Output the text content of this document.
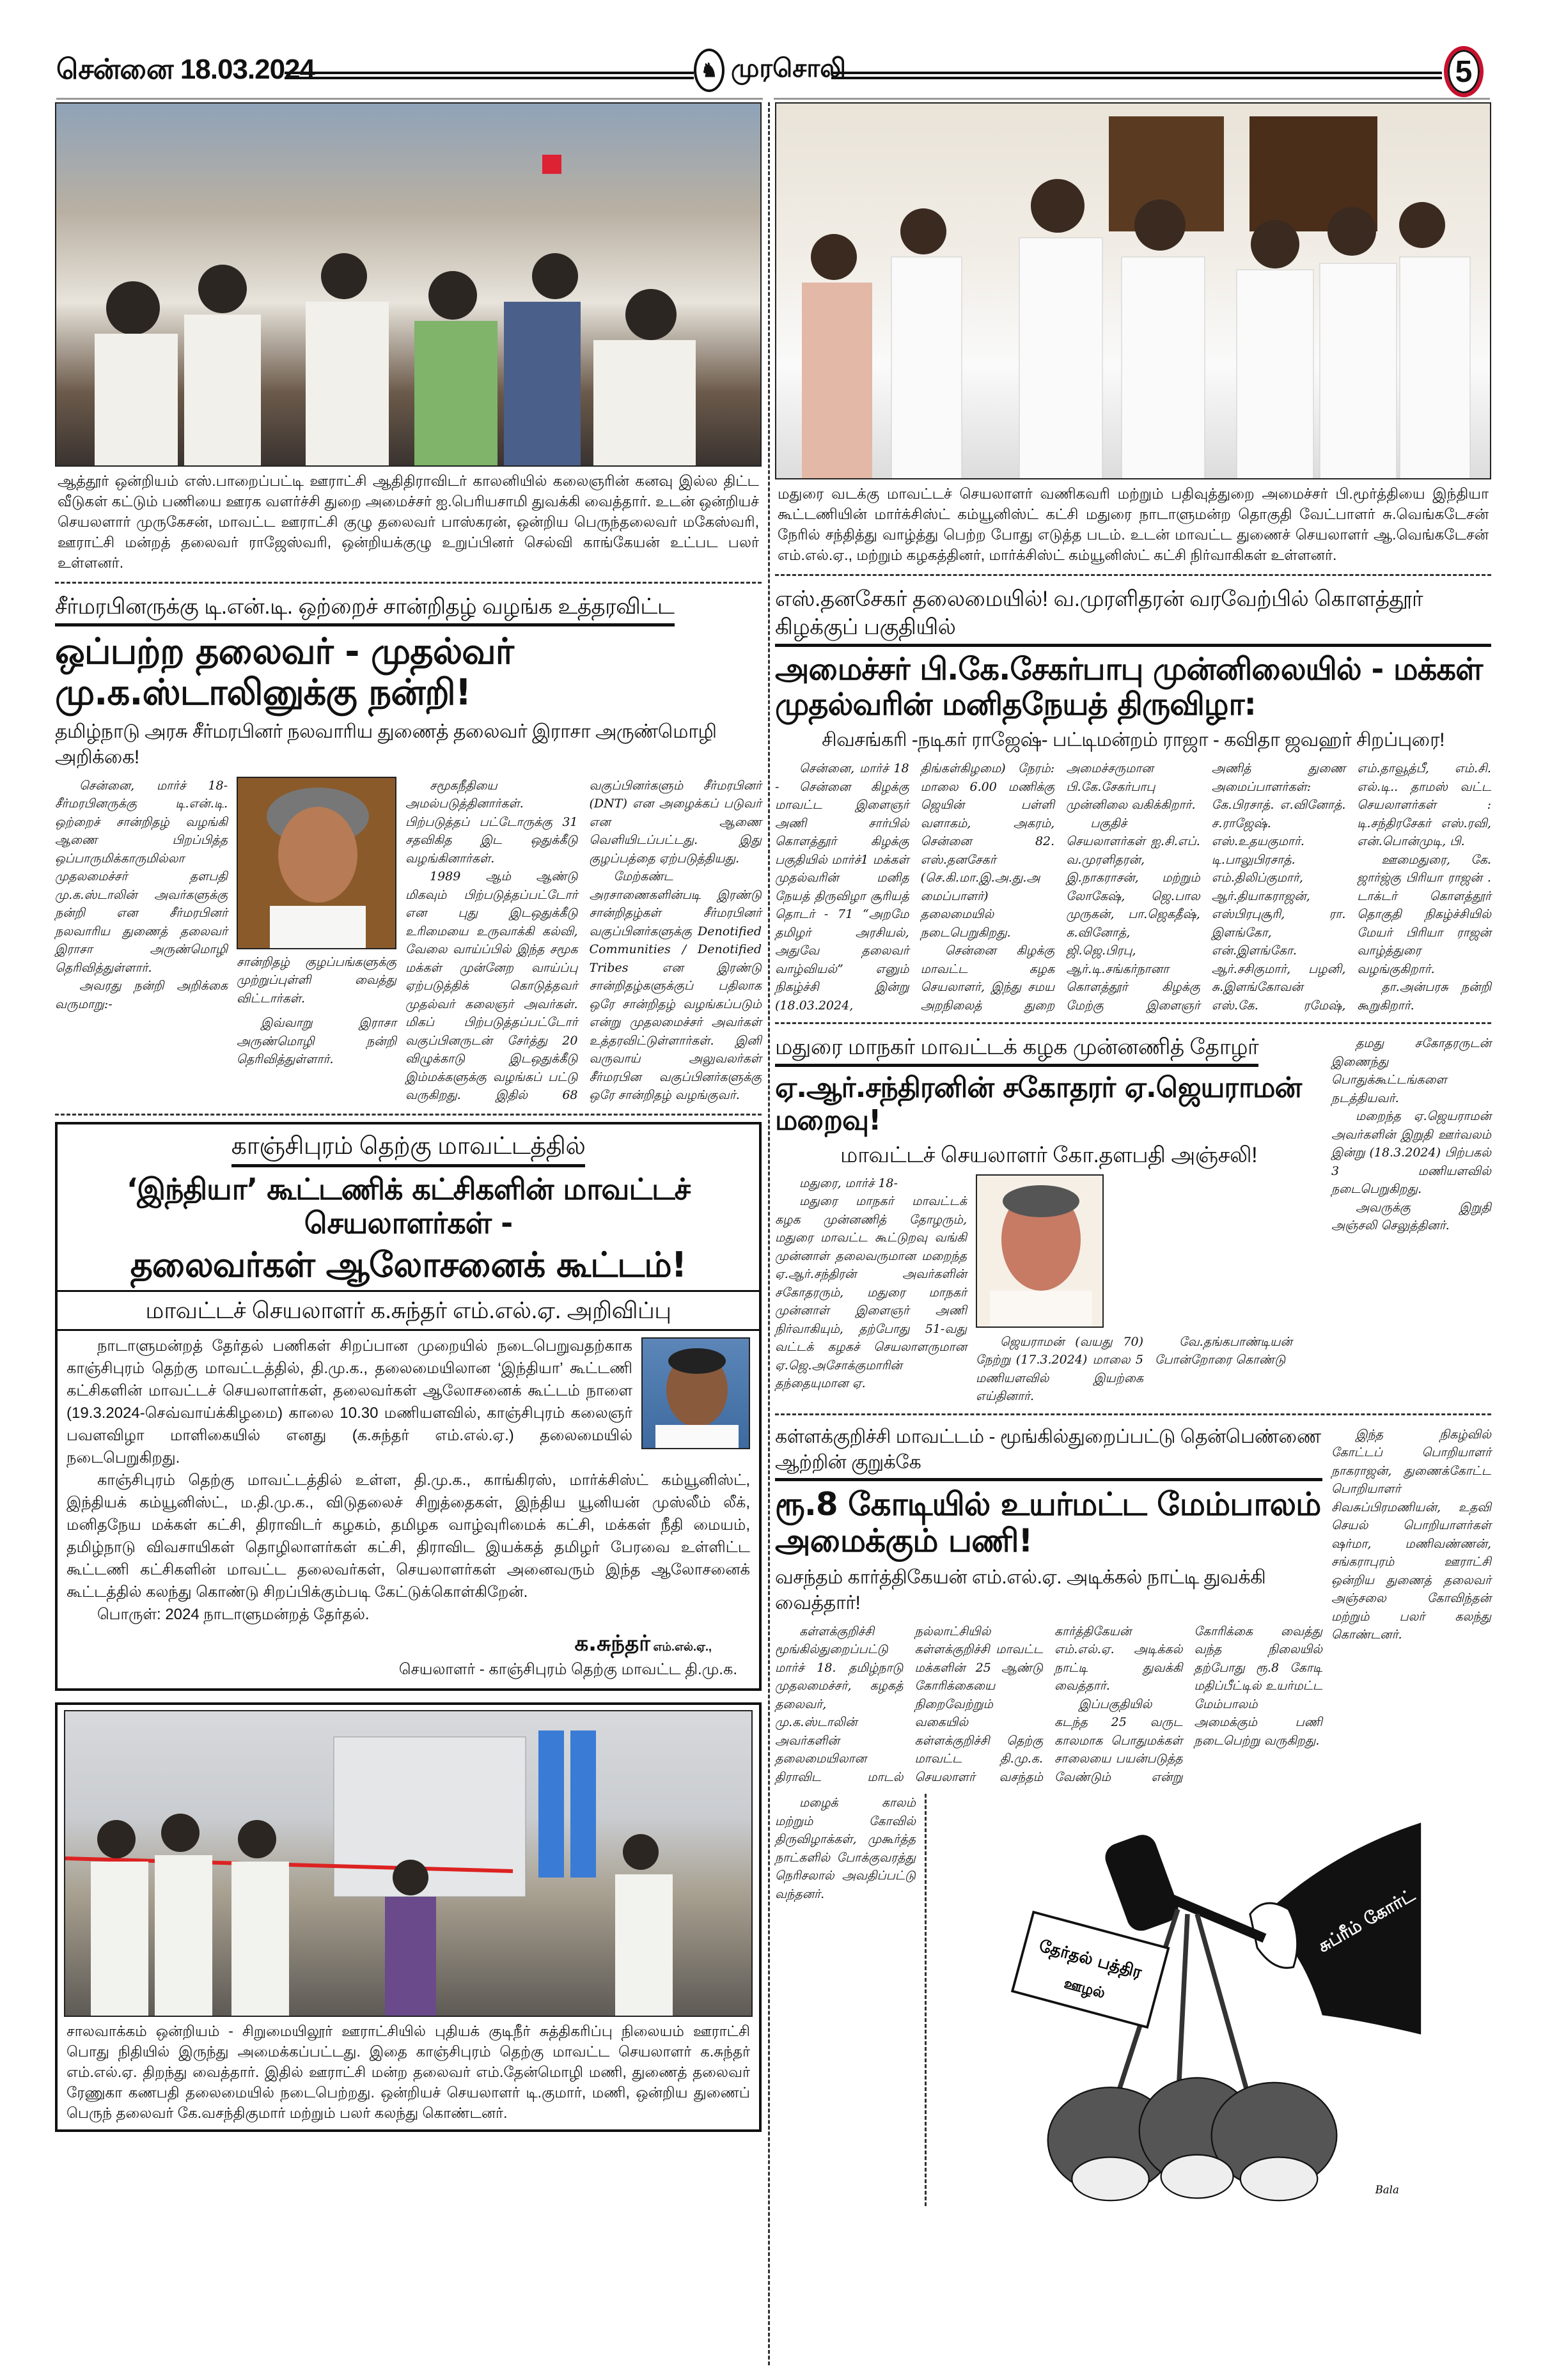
சென்னை 18.03.2024	♞ முரசொலி	5
ஆத்தூர் ஒன்றியம் எஸ்.பாறைப்பட்டி ஊராட்சி ஆதிதிராவிடர் காலனியில் கலைஞரின் கனவு இல்ல திட்ட வீடுகள் கட்டும் பணியை ஊரக வளர்ச்சி துறை அமைச்சர் ஐ.பெரியசாமி துவக்கி வைத்தார். உடன் ஒன்றியச் செயலளார் முருகேசன், மாவட்ட ஊராட்சி குழு தலைவர் பாஸ்கரன், ஒன்றிய பெருந்தலைவர் மகேஸ்வரி, ஊராட்சி மன்றத் தலைவர் ராஜேஸ்வரி, ஒன்றியக்குழு உறுப்பினர் செல்வி காங்கேயன் உட்பட பலர் உள்ளனர்.
சீர்மரபினருக்கு டி.என்.டி. ஒற்றைச் சான்றிதழ் வழங்க உத்தரவிட்ட
ஒப்பற்ற தலைவர் - முதல்வர் மு.க.ஸ்டாலினுக்கு நன்றி!
தமிழ்நாடு அரசு சீர்மரபினர் நலவாரிய துணைத் தலைவர் இராசா அருண்மொழி அறிக்கை!

சென்னை, மார்ச் 18- சீர்மரபினருக்கு டி.என்.டி. ஒற்றைச் சான்றிதழ் வழங்கி ஆணை பிறப்பித்த ஒப்பாருமிக்காருமில்லா முதலமைச்சர் தளபதி மு.க.ஸ்டாலின் அவர்களுக்கு நன்றி என சீர்மரபினர் நலவாரிய துணைத் தலைவர் இராசா அருண்மொழி தெரிவித்துள்ளார்.

அவரது நன்றி அறிக்கை வருமாறு:-

சான்றிதழ் குழப்பங்களுக்கு முற்றுப்புள்ளி வைத்து விட்டார்கள்.

இவ்வாறு இராசா அருண்மொழி நன்றி தெரிவித்துள்ளார்.

சமூகநீதியை அமல்படுத்தினார்கள். பிற்படுத்தப் பட்டோருக்கு 31 சதவிகித இட ஒதுக்கீடு வழங்கினார்கள்.

1989 ஆம் ஆண்டு மிகவும் பிற்படுத்தப்பட்டோர் என புது இடஒதுக்கீடு உரிமையை உருவாக்கி கல்வி, வேலை வாய்ப்பில் இந்த சமூக மக்கள் முன்னேற வாய்ப்பு ஏற்படுத்திக் கொடுத்தவர் முதல்வர் கலைஞர் அவர்கள். மிகப் பிற்படுத்தப்பட்டோர் வகுப்பினருடன் சேர்த்து 20 விழுக்காடு இடஒதுக்கீடு இம்மக்களுக்கு வழங்கப் பட்டு வருகிறது. இதில் 68 வகுப்பினர்களும் சீர்மரபினர் (DNT) என அழைக்கப் படுவர் என ஆணை வெளியிடப்பட்டது. இது குழப்பத்தை ஏற்படுத்தியது.

மேற்கண்ட அரசாணைகளின்படி இரண்டு சான்றிதழ்கள் சீர்மரபினர் வகுப்பினர்களுக்கு Denotified Communities / Denotified Tribes என இரண்டு சான்றிதழ்களுக்குப் பதிலாக ஒரே சான்றிதழ் வழங்கப்படும் என்று முதலமைச்சர் அவர்கள் உத்தரவிட்டுள்ளார்கள். இனி வருவாய் அலுவலர்கள் சீர்மரபின வகுப்பினர்களுக்கு ஒரே சான்றிதழ் வழங்குவர்.

காஞ்சிபுரம் தெற்கு மாவட்டத்தில்
‘இந்தியா’ கூட்டணிக் கட்சிகளின் மாவட்டச் செயலாளர்கள் -
தலைவர்கள் ஆலோசனைக் கூட்டம்!
மாவட்டச் செயலாளர் க.சுந்தர் எம்.எல்.ஏ. அறிவிப்பு

நாடாளுமன்றத் தேர்தல் பணிகள் சிறப்பான முறையில் நடைபெறுவதற்காக காஞ்சிபுரம் தெற்கு மாவட்டத்தில், தி.மு.க., தலைமையிலான ‘இந்தியா’ கூட்டணி கட்சிகளின் மாவட்டச் செயலாளர்கள், தலைவர்கள் ஆலோசனைக் கூட்டம் நாளை (19.3.2024-செவ்வாய்க்கிழமை) காலை 10.30 மணியளவில், காஞ்சிபுரம் கலைஞர் பவளவிழா மாளிகையில் எனது (க.சுந்தர் எம்.எல்.ஏ.) தலைமையில் நடைபெறுகிறது.

காஞ்சிபுரம் தெற்கு மாவட்டத்தில் உள்ள, தி.மு.க., காங்கிரஸ், மார்க்சிஸ்ட் கம்யூனிஸ்ட், இந்தியக் கம்யூனிஸ்ட், ம.தி.மு.க., விடுதலைச் சிறுத்தைகள், இந்திய யூனியன் முஸ்லீம் லீக், மனிதநேய மக்கள் கட்சி, திராவிடர் கழகம், தமிழக வாழ்வுரிமைக் கட்சி, மக்கள் நீதி மையம், தமிழ்நாடு விவசாயிகள் தொழிலாளர்கள் கட்சி, திராவிட இயக்கத் தமிழர் பேரவை உள்ளிட்ட கூட்டணி கட்சிகளின் மாவட்ட தலைவர்கள், செயலாளர்கள் அனைவரும் இந்த ஆலோசனைக் கூட்டத்தில் கலந்து கொண்டு சிறப்பிக்கும்படி கேட்டுக்கொள்கிறேன்.

பொருள்: 2024 நாடாளுமன்றத் தேர்தல்.

க.சுந்தர் எம்.எல்.ஏ.,
செயலாளர் - காஞ்சிபுரம் தெற்கு மாவட்ட தி.மு.க.
சாலவாக்கம் ஒன்றியம் - சிறுமையிலூர் ஊராட்சியில் புதியக் குடிநீர் சுத்திகரிப்பு நிலையம் ஊராட்சி பொது நிதியில் இருந்து அமைக்கப்பட்டது. இதை காஞ்சிபுரம் தெற்கு மாவட்ட செயலாளர் க.சுந்தர் எம்.எல்.ஏ. திறந்து வைத்தார். இதில் ஊராட்சி மன்ற தலைவர் எம்.தேன்மொழி மணி, துணைத் தலைவர் ரேணுகா கணபதி தலைமையில் நடைபெற்றது. ஒன்றியச் செயலாளர் டி.குமார், மணி, ஒன்றிய துணைப் பெருந் தலைவர் கே.வசந்திகுமார் மற்றும் பலர் கலந்து கொண்டனர்.
மதுரை வடக்கு மாவட்டச் செயலாளர் வணிகவரி மற்றும் பதிவுத்துறை அமைச்சர் பி.மூர்த்தியை இந்தியா கூட்டணியின் மார்க்சிஸ்ட் கம்யூனிஸ்ட் கட்சி மதுரை நாடாளுமன்ற தொகுதி வேட்பாளர் சு.வெங்கடேசன் நேரில் சந்தித்து வாழ்த்து பெற்ற போது எடுத்த படம். உடன் மாவட்ட துணைச் செயலாளர் ஆ.வெங்கடேசன் எம்.எல்.ஏ., மற்றும் கழகத்தினர், மார்க்சிஸ்ட் கம்யூனிஸ்ட் கட்சி நிர்வாகிகள் உள்ளனர்.
எஸ்.தனசேகர் தலைமையில்! வ.முரளிதரன் வரவேற்பில் கொளத்தூர் கிழக்குப் பகுதியில்
அமைச்சர் பி.கே.சேகர்பாபு முன்னிலையில் - மக்கள் முதல்வரின் மனிதநேயத் திருவிழா:
சிவசங்கரி -நடிகர் ராஜேஷ்- பட்டிமன்றம் ராஜா - கவிதா ஜவஹர் சிறப்புரை!

சென்னை, மார்ச் 18 - சென்னை கிழக்கு மாவட்ட இளைஞர் அணி சார்பில் கொளத்தூர் கிழக்கு பகுதியில் மார்ச்1 மக்கள் முதல்வரின் மனித நேயத் திருவிழா சூரியத் தொடர் - 71 “அறமே தமிழர் அரசியல், அதுவே தலைவர் வாழ்வியல்” எனும் நிகழ்ச்சி இன்று (18.03.2024, திங்கள்கிழமை) நேரம்: மாலை 6.00 மணிக்கு ஜெயின் பள்ளி வளாகம், அகரம், சென்னை 82. எஸ்.தனசேகர் (செ.கி.மா.இ.அ.து.அமைப்பாளர்) தலைமையில் நடைபெறுகிறது.

சென்னை கிழக்கு மாவட்ட கழக செயலாளர், இந்து சமய அறநிலைத் துறை அமைச்சருமான பி.கே.சேகர்பாபு முன்னிலை வகிக்கிறார்.

பகுதிச் செயலாளர்கள் ஐ.சி.எப். வ.முரளிதரன், இ.நாகராசன், மற்றும் லோகேஷ், ஜெ.பால முருகன், பா.ஜெகதீஷ், க.வினோத், ஜி.ஜெ.பிரபு, ஆர்.டி.சங்கர்நானா கொளத்தூர் கிழக்கு மேற்கு இளைஞர் அணித் துணை அமைப்பாளர்கள்: கே.பிரசாத். எ.வினோத். ச.ராஜேஷ். எஸ்.உதயகுமார். டி.பாலுபிரசாத். எம்.திலிப்குமார், ஆர்.தியாகராஜன், எஸ்பிரபுசூரி, ரா. இளங்கோ, என்.இளங்கோ. ஆர்.சசிகுமார், பழனி, சு.இளங்கோவன் எஸ்.கே. ரமேஷ், எம்.தாவூத்பீ, எம்.சி. எல்.டி.. தாமஸ் வட்ட செயலாளர்கள் : டி.சந்திரசேகர் எஸ்.ரவி, என்.பொன்முடி, பி.

ஊமைதுரை, கே. ஜார்ஜ்கு பிரியா ராஜன் . டாக்டர் கொளத்தூர் தொகுதி நிகழ்ச்சியில் மேயர் பிரியா ராஜன் வாழ்த்துரை வழங்குகிறார்.

தா.அன்பரசு நன்றி கூறுகிறார்.

மதுரை மாநகர் மாவட்டக் கழக முன்னணித் தோழர்
ஏ.ஆர்.சந்திரனின் சகோதரர் ஏ.ஜெயராமன் மறைவு!
மாவட்டச் செயலாளர் கோ.தளபதி அஞ்சலி!

மதுரை, மார்ச் 18-

மதுரை மாநகர் மாவட்டக் கழக முன்னணித் தோழரும், மதுரை மாவட்ட கூட்டுறவு வங்கி முன்னாள் தலைவருமான மறைந்த ஏ.ஆர்.சந்திரன் அவர்களின் சகோதரரும், மதுரை மாநகர் முன்னாள் இளைஞர் அணி நிர்வாகியும், தற்போது 51-வது வட்டக் கழகச் செயலாளருமான ஏ.ஜெ.அசோக்குமாரின் தந்தையுமான ஏ.

ஜெயராமன் (வயது 70) நேற்று (17.3.2024) மாலை 5 மணியளவில் இயற்கை எய்தினார்.

வே.தங்கபாண்டியன் போன்றோரை கொண்டு

தமது சகோதரருடன் இணைந்து பொதுக்கூட்டங்களை நடத்தியவர்.

மறைந்த ஏ.ஜெயராமன் அவர்களின் இறுதி ஊர்வலம் இன்று (18.3.2024) பிற்பகல் 3 மணியளவில் நடைபெறுகிறது.

அவருக்கு இறுதி அஞ்சலி செலுத்தினர்.

கள்ளக்குறிச்சி மாவட்டம் - மூங்கில்துறைப்பட்டு தென்பெண்ணை ஆற்றின் குறுக்கே
ரூ.8 கோடியில் உயர்மட்ட மேம்பாலம் அமைக்கும் பணி!
வசந்தம் கார்த்திகேயன் எம்.எல்.ஏ. அடிக்கல் நாட்டி துவக்கி வைத்தார்!

கள்ளக்குறிச்சி மூங்கில்துறைப்பட்டு மார்ச் 18. தமிழ்நாடு முதலமைச்சர், கழகத் தலைவர், மு.க.ஸ்டாலின் அவர்களின் தலைமையிலான திராவிட மாடல் நல்லாட்சியில் கள்ளக்குறிச்சி மாவட்ட மக்களின் 25 ஆண்டு கோரிக்கையை நிறைவேற்றும் வகையில் கள்ளக்குறிச்சி தெற்கு மாவட்ட தி.மு.க. செயலாளர் வசந்தம் கார்த்திகேயன் எம்.எல்.ஏ. அடிக்கல் நாட்டி துவக்கி வைத்தார்.

இப்பகுதியில் கடந்த 25 வருட காலமாக பொதுமக்கள் சாலையை பயன்படுத்த வேண்டும் என்று கோரிக்கை வைத்து வந்த நிலையில் தற்போது ரூ.8 கோடி மதிப்பீட்டில் உயர்மட்ட மேம்பாலம் அமைக்கும் பணி நடைபெற்று வருகிறது.

இந்த நிகழ்வில் கோட்டப் பொறியாளர் நாகராஜன், துணைக்கோட்ட பொறியாளர் சிவசுப்பிரமணியன், உதவி செயல் பொறியாளர்கள் ஷர்மா, மணிவண்ணன், சங்கராபுரம் ஊராட்சி ஒன்றிய துணைத் தலைவர் அஞ்சலை கோவிந்தன் மற்றும் பலர் கலந்து கொண்டனர்.

மழைக் காலம் மற்றும் கோவில் திருவிழாக்கள், முகூர்த்த நாட்களில் போக்குவரத்து நெரிசலால் அவதிப்பட்டு வந்தனர்.

தேர்தல் பத்திர
ஊழல்
சுப்ரீம் கோர்ட்
Bala
